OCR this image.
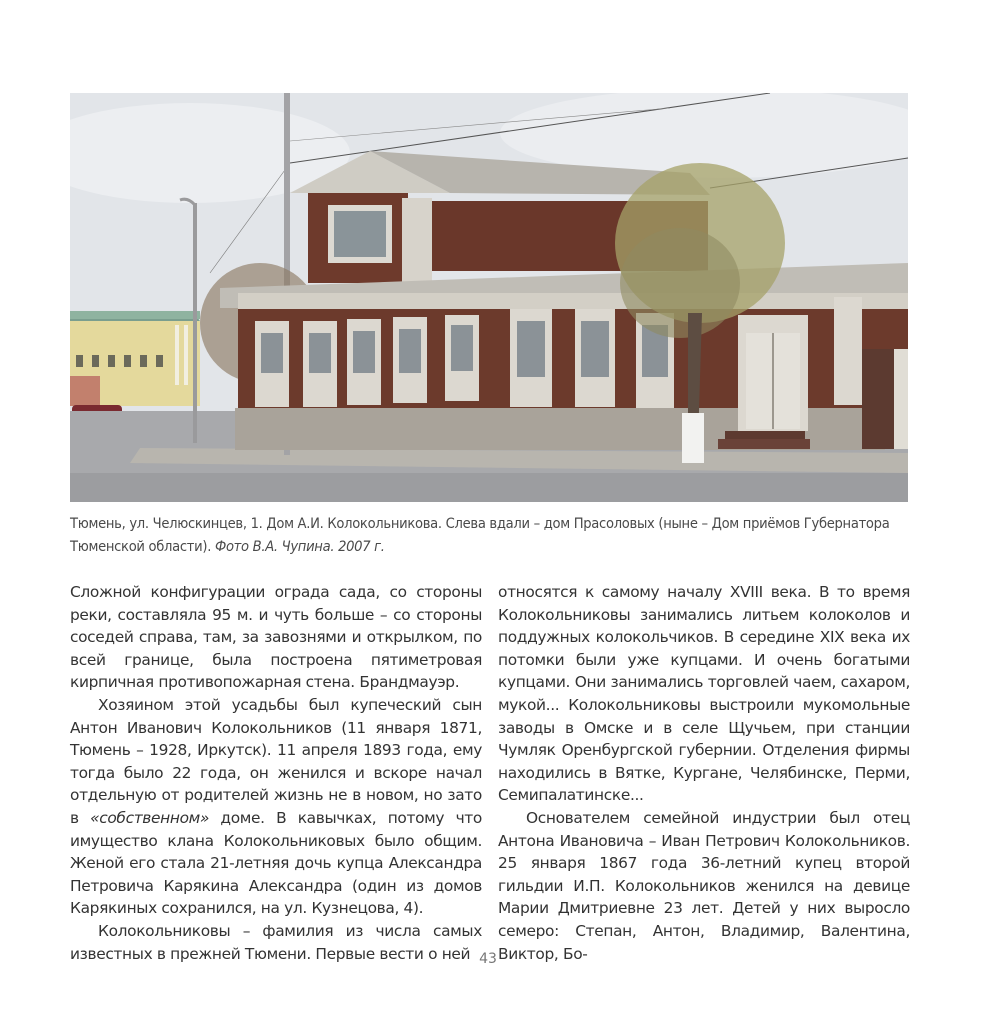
Тюмень, ул. Челюскинцев, 1. Дом А.И. Колокольникова. Слева вдали – дом Прасоловых (ныне – Дом приёмов Губернатора Тюменской области). Фото В.А. Чупина. 2007 г.

Сложной конфигурации ограда сада, со стороны реки, составляла 95 м. и чуть больше – со стороны соседей справа, там, за завознями и открылком, по всей границе, была построена пятиметровая кирпичная противопожарная стена. Брандмауэр.

Хозяином этой усадьбы был купеческий сын Антон Иванович Колокольников (11 января 1871, Тюмень – 1928, Иркутск). 11 апреля 1893 года, ему тогда было 22 года, он женился и вскоре начал отдельную от родителей жизнь не в новом, но зато в «собственном» доме. В кавычках, потому что имущество клана Колокольниковых было общим. Женой его стала 21-летняя дочь купца Александра Петровича Карякина Александра (один из домов Карякиных сохранился, на ул. Кузнецова, 4).

Колокольниковы – фамилия из числа самых известных в прежней Тюмени. Первые вести о ней

относятся к самому началу XVIII века. В то время Колокольниковы занимались литьем колоколов и поддужных колокольчиков. В середине XIX века их потомки были уже купцами. И очень богатыми купцами. Они занимались торговлей чаем, сахаром, мукой... Колокольниковы выстроили мукомольные заводы в Омске и в селе Щучьем, при станции Чумляк Оренбургской губернии. Отделения фирмы находились в Вятке, Кургане, Челябинске, Перми, Семипалатинске...

Основателем семейной индустрии был отец Антона Ивановича – Иван Петрович Колокольников. 25 января 1867 года 36-летний купец второй гильдии И.П. Колокольников женился на девице Марии Дмитриевне 23 лет. Детей у них выросло семеро: Степан, Антон, Владимир, Валентина, Виктор, Бо-

43
